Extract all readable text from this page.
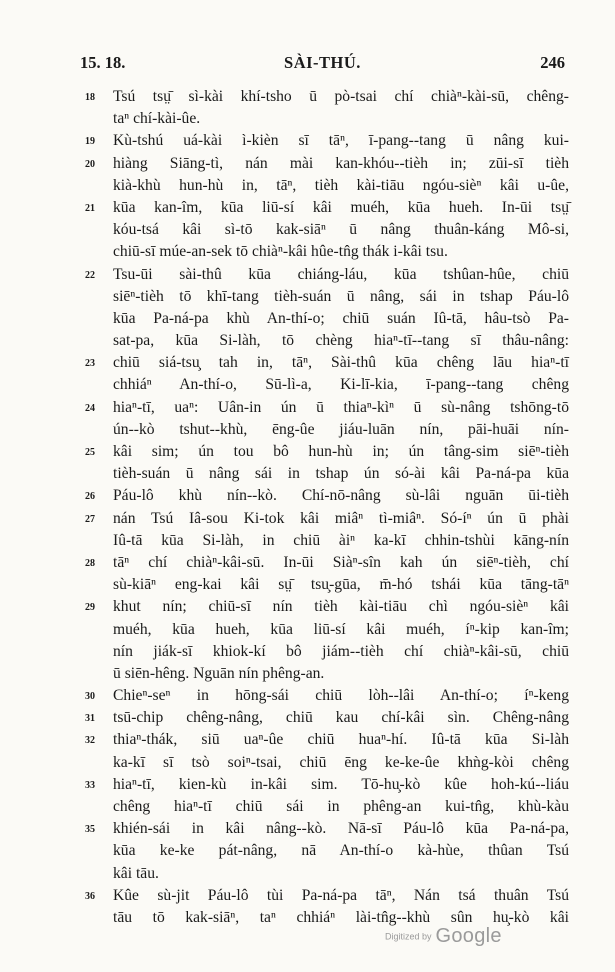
15. 18.	SÀI-THÚ.	246
18 Tsú tsṳ̄ sì-kài khí-tsho ū pò-tsai chí chiàⁿ-kài-sū, chêng-
taⁿ chí-kài-ûe.
19 Kù-tshú uá-kài ì-kièn sī tāⁿ, ī-pang--tang ū nâng kui-
20 hiàng Siāng-tì, nán mài kan-khóu--tièh in; zūi-sī tièh
kià-khù hun-hù in, tāⁿ, tièh kài-tiāu ngóu-sièⁿ kâi u-ûe,
21 kūa kan-îm, kūa liū-sí kâi muéh, kūa hueh. In-ūi tsṳ̄
kóu-tsá kâi sì-tō kak-siāⁿ ū nâng thuân-káng Mô-si,
chiū-sī múe-an-sek tō chiàⁿ-kâi hûe-tn̂g thák i-kâi tsu.
22 Tsu-ūi sài-thû kūa chiáng-láu, kūa tshûan-hûe, chiū
siēⁿ-tièh tō khī-tang tièh-suán ū nâng, sái in tshap Páu-lô
kūa Pa-ná-pa khù An-thí-o; chiū suán Iû-tā, hâu-tsò Pa-
sat-pa, kūa Si-làh, tō chèng hiaⁿ-tī--tang sī thâu-nâng:
23 chiū siá-tsu̧ tah in, tāⁿ, Sài-thû kūa chêng lāu hiaⁿ-tī
chhiáⁿ An-thí-o, Sū-lì-a, Ki-lī-kia, ī-pang--tang chêng
24 hiaⁿ-tī, uaⁿ: Uân-in ún ū thiaⁿ-kìⁿ ū sù-nâng tshōng-tō
ún--kò tshut--khù, ēng-ûe jiáu-luān nín, pāi-huāi nín-
25 kâi sim; ún tou bô hun-hù in; ún tâng-sim siēⁿ-tièh
tièh-suán ū nâng sái in tshap ún só-ài kâi Pa-ná-pa kūa
26 Páu-lô khù nín--kò. Chí-nō-nâng sù-lâi nguān ūi-tièh
27 nán Tsú Iâ-sou Ki-tok kâi miâⁿ tì-miâⁿ. Só-íⁿ ún ū phài
Iû-tā kūa Si-làh, in chiū àiⁿ ka-kī chhin-tshùi kāng-nín
28 tāⁿ chí chiàⁿ-kâi-sū. In-ūi Siàⁿ-sîn kah ún siēⁿ-tièh, chí
sù-kiāⁿ eng-kai kâi sṳ̄ tsu̧-gūa, m̄-hó tshái kūa tāng-tāⁿ
29 khut nín; chiū-sī nín tièh kài-tiāu chì ngóu-sièⁿ kâi
muéh, kūa hueh, kūa liū-sí kâi muéh, íⁿ-kip kan-îm;
nín jiák-sī khiok-kí bô jiám--tièh chí chiàⁿ-kâi-sū, chiū
ū siēn-hêng. Nguān nín phêng-an.
30 Chieⁿ-seⁿ in hōng-sái chiū lòh--lâi An-thí-o; íⁿ-keng
31 tsū-chip chêng-nâng, chiū kau chí-kâi sìn. Chêng-nâng
32 thiaⁿ-thák, siū uaⁿ-ûe chiū huaⁿ-hí. Iû-tā kūa Si-làh
ka-kī sī tsò soiⁿ-tsai, chiū ēng ke-ke-ûe khǹg-kòi chêng
33 hiaⁿ-tī, kien-kù in-kâi sim. Tō-hu̧-kò kûe hoh-kú--liáu
chêng hiaⁿ-tī chiū sái in phêng-an kui-tn̂g, khù-kàu
35 khién-sái in kâi nâng--kò. Nā-sī Páu-lô kūa Pa-ná-pa,
kūa ke-ke pát-nâng, nā An-thí-o kà-hùe, thûan Tsú
kâi tāu.
36 Kûe sù-jit Páu-lô tùi Pa-ná-pa tāⁿ, Nán tsá thuân Tsú
tāu tō kak-siāⁿ, taⁿ chhiáⁿ lài-tn̂g--khù sûn hu̧-kò kâi
Digitized by Google
